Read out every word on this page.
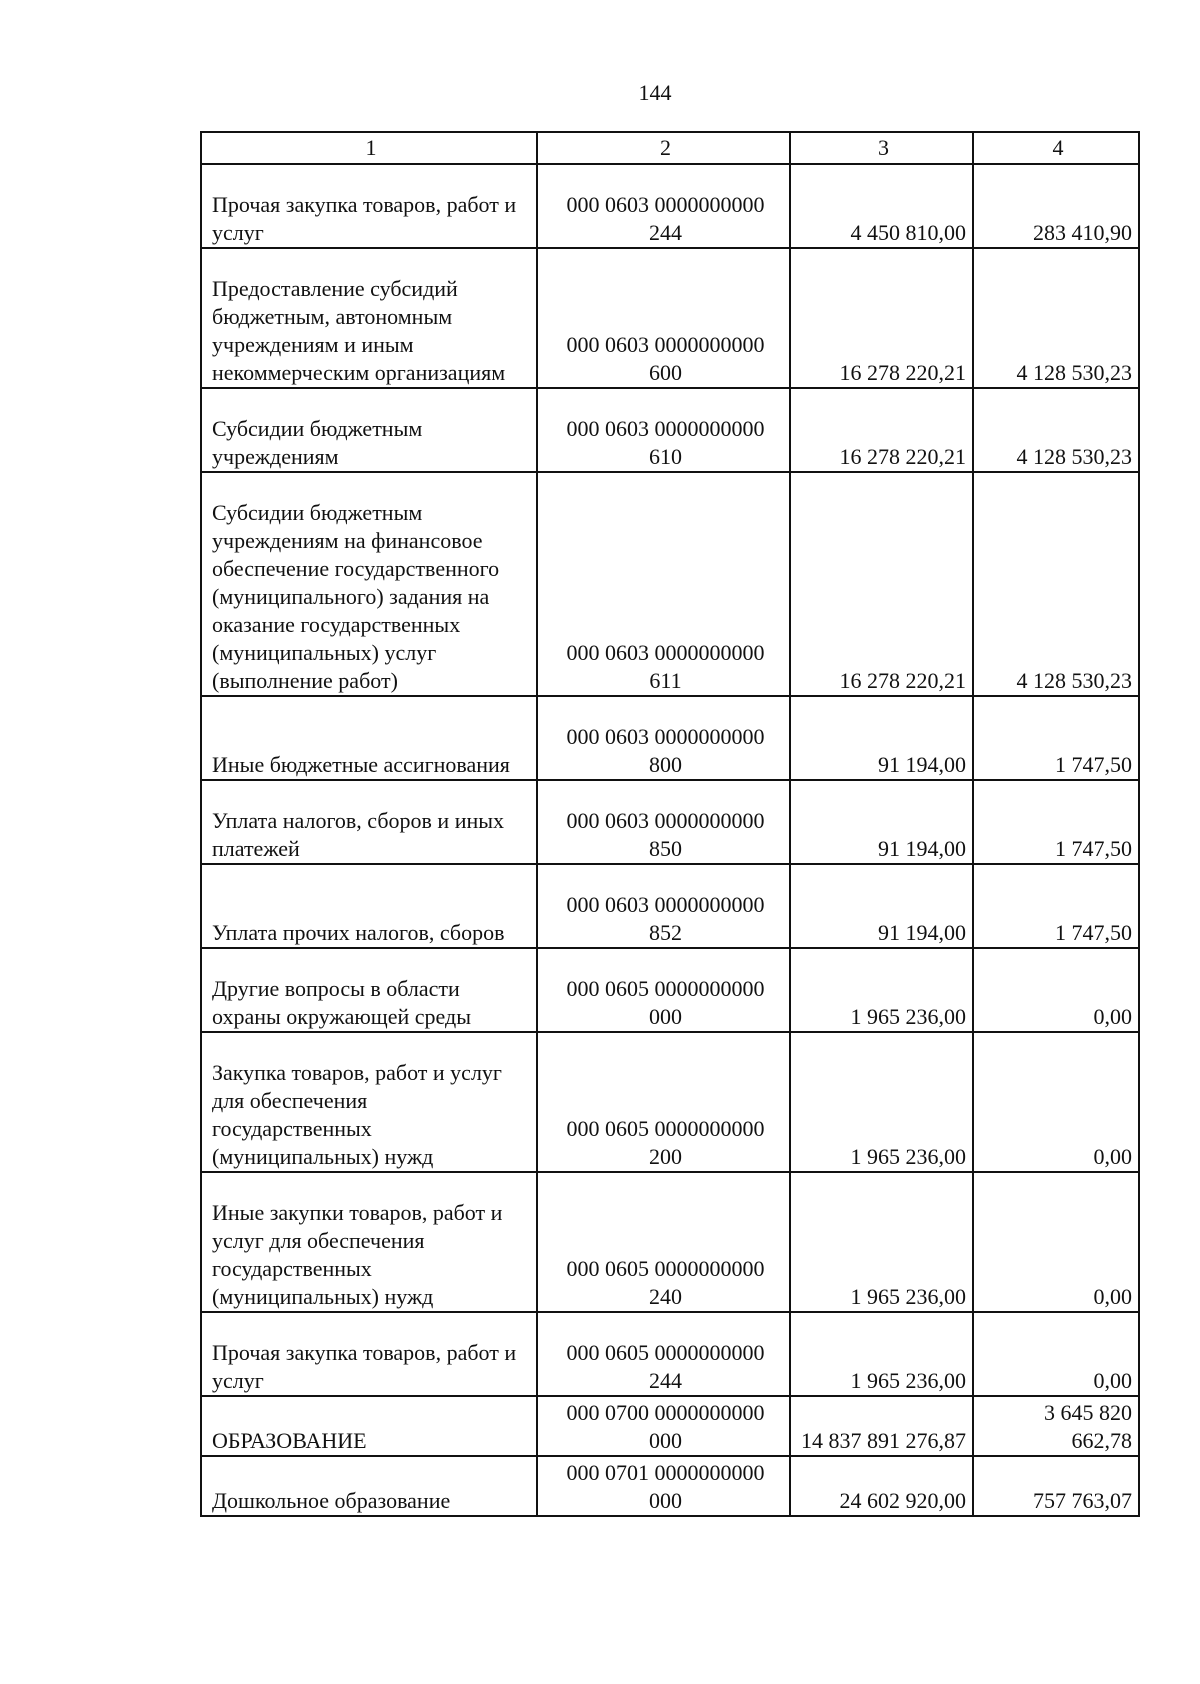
144
1	2	3	4
Прочая закупка товаров, работ и услуг	000 0603 0000000000 244	4 450 810,00	283 410,90
Предоставление субсидий бюджетным, автономным учреждениям и иным некоммерческим организациям	000 0603 0000000000 600	16 278 220,21	4 128 530,23
Субсидии бюджетным учреждениям	000 0603 0000000000 610	16 278 220,21	4 128 530,23
Субсидии бюджетным учреждениям на финансовое обеспечение государственного (муниципального) задания на оказание государственных (муниципальных) услуг (выполнение работ)	000 0603 0000000000 611	16 278 220,21	4 128 530,23
Иные бюджетные ассигнования	000 0603 0000000000 800	91 194,00	1 747,50
Уплата налогов, сборов и иных платежей	000 0603 0000000000 850	91 194,00	1 747,50
Уплата прочих налогов, сборов	000 0603 0000000000 852	91 194,00	1 747,50
Другие вопросы в области охраны окружающей среды	000 0605 0000000000 000	1 965 236,00	0,00
Закупка товаров, работ и услуг для обеспечения государственных (муниципальных) нужд	000 0605 0000000000 200	1 965 236,00	0,00
Иные закупки товаров, работ и услуг для обеспечения государственных (муниципальных) нужд	000 0605 0000000000 240	1 965 236,00	0,00
Прочая закупка товаров, работ и услуг	000 0605 0000000000 244	1 965 236,00	0,00
ОБРАЗОВАНИЕ	000 0700 0000000000 000	14 837 891 276,87	3 645 820 662,78
Дошкольное образование	000 0701 0000000000 000	24 602 920,00	757 763,07
